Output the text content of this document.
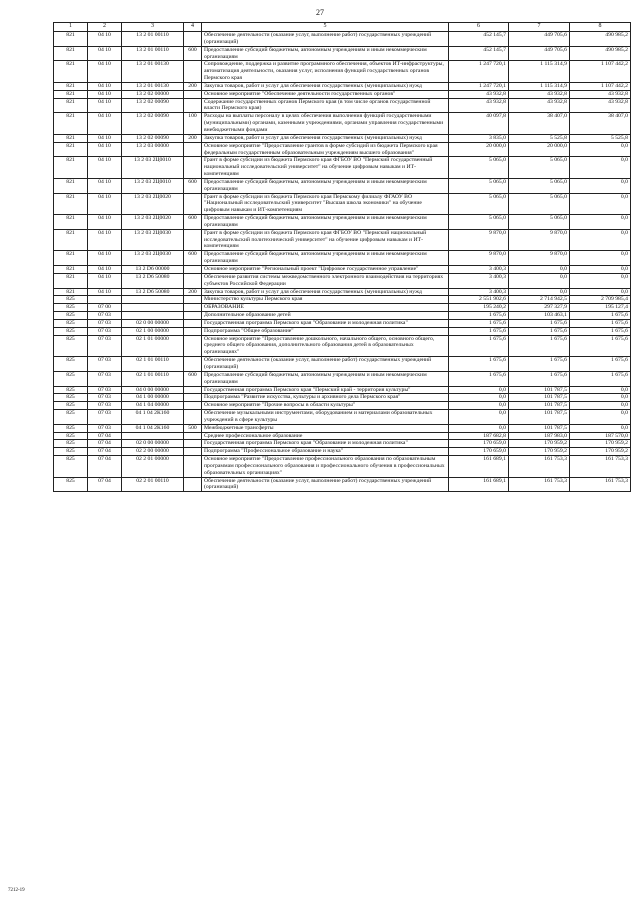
27
1	2	3	4	5	6	7	8
821	04 10	13 2 01 00110		Обеспечение деятельности (оказание услуг, выполнение работ) государственных учреждений (организаций)	452 145,7	449 705,6	490 985,2
821	04 10	13 2 01 00110	600	Предоставление субсидий бюджетным, автономным учреждениям и иным некоммерческим организациям	452 145,7	449 705,6	490 985,2
821	04 10	13 2 01 00130		Сопровождение, поддержка и развитие программного обеспечения, объектов ИТ-инфраструктуры, автоматизация деятельности, оказания услуг, исполнения функций государственных органов Пермского края	1 247 720,1	1 115 314,9	1 107 442,2
821	04 10	13 2 01 00130	200	Закупка товаров, работ и услуг для обеспечения государственных (муниципальных) нужд	1 247 720,1	1 115 314,9	1 107 442,2
821	04 10	13 2 02 00000		Основное мероприятие "Обеспечение деятельности государственных органов"	43 932,8	43 932,8	43 932,8
821	04 10	13 2 02 00090		Содержание государственных органов Пермского края (в том числе органов государственной власти Пермского края)	43 932,8	43 932,8	43 932,8
821	04 10	13 2 02 00090	100	Расходы на выплаты персоналу в целях обеспечения выполнения функций государственными (муниципальными) органами, казенными учреждениями, органами управления государственными внебюджетными фондами	40 097,8	38 407,0	38 407,0
821	04 10	13 2 02 00090	200	Закупка товаров, работ и услуг для обеспечения государственных (муниципальных) нужд	3 835,0	5 525,8	5 525,8
821	04 10	13 2 03 00000		Основное мероприятие "Предоставление грантов в форме субсидий из бюджета Пермского края федеральным государственным образовательным учреждениям высшего образования"	20 000,0	20 000,0	0,0
821	04 10	13 2 03 2Ц0010		Грант в форме субсидии из бюджета Пермского края ФГБОУ ВО "Пермский государственный национальный исследовательский университет" на обучение цифровым навыкам и ИТ-компетенциям	5 065,0	5 065,0	0,0
821	04 10	13 2 03 2Ц0010	600	Предоставление субсидий бюджетным, автономным учреждениям и иным некоммерческим организациям	5 065,0	5 065,0	0,0
821	04 10	13 2 03 2Ц0020		Грант в форме субсидии из бюджета Пермского края Пермскому филиалу ФГАОУ ВО "Национальный исследовательский университет "Высшая школа экономики" на обучение цифровым навыкам и ИТ-компетенциям	5 065,0	5 065,0	0,0
821	04 10	13 2 03 2Ц0020	600	Предоставление субсидий бюджетным, автономным учреждениям и иным некоммерческим организациям	5 065,0	5 065,0	0,0
821	04 10	13 2 03 2Ц0030		Грант в форме субсидии из бюджета Пермского края ФГБОУ ВО "Пермский национальный исследовательский политехнический университет" на обучение цифровым навыкам и ИТ-компетенциям	9 870,0	9 870,0	0,0
821	04 10	13 2 03 2Ц0030	600	Предоставление субсидий бюджетным, автономным учреждениям и иным некоммерческим организациям	9 870,0	9 870,0	0,0
821	04 10	13 2 D6 00000		Основное мероприятие "Региональный проект "Цифровое государственное управление"	3 400,3	0,0	0,0
821	04 10	13 2 D6 50080		Обеспечение развития системы межведомственного электронного взаимодействия на территориях субъектов Российской Федерации	3 400,3	0,0	0,0
821	04 10	13 2 D6 50080	200	Закупка товаров, работ и услуг для обеспечения государственных (муниципальных) нужд	3 400,3	0,0	0,0
825				Министерство культуры Пермского края	2 551 902,6	2 714 942,5	2 709 985,4
825	07 00			ОБРАЗОВАНИЕ	195 240,2	297 327,9	195 127,4
825	07 03			Дополнительное образование детей	1 675,6	103 463,1	1 675,6
825	07 03	02 0 00 00000		Государственная программа Пермского края "Образование и молодежная политика"	1 675,6	1 675,6	1 675,6
825	07 03	02 1 00 00000		Подпрограмма "Общее образование"	1 675,6	1 675,6	1 675,6
825	07 03	02 1 01 00000		Основное мероприятие "Предоставление дошкольного, начального общего, основного общего, среднего общего образования, дополнительного образования детей в образовательных организациях"	1 675,6	1 675,6	1 675,6
825	07 03	02 1 01 00110		Обеспечение деятельности (оказание услуг, выполнение работ) государственных учреждений (организаций)	1 675,6	1 675,6	1 675,6
825	07 03	02 1 01 00110	600	Предоставление субсидий бюджетным, автономным учреждениям и иным некоммерческим организациям	1 675,6	1 675,6	1 675,6
825	07 03	04 0 00 00000		Государственная программа Пермского края "Пермский край - территория культуры"	0,0	101 787,5	0,0
825	07 03	04 1 00 00000		Подпрограмма "Развитие искусства, культуры и архивного дела Пермского края"	0,0	101 787,5	0,0
825	07 03	04 1 04 00000		Основное мероприятие "Прочие вопросы в области культуры"	0,0	101 787,5	0,0
825	07 03	04 1 04 2К160		Обеспечение музыкальными инструментами, оборудованием и материалами образовательных учреждений в сфере культуры	0,0	101 787,5	0,0
825	07 03	04 1 04 2К160	500	Межбюджетные трансферты	0,0	101 787,5	0,0
825	07 04			Среднее профессиональное образование	187 682,8	187 983,0	187 570,0
825	07 04	02 0 00 00000		Государственная программа Пермского края "Образование и молодежная политика"	170 659,0	170 959,2	170 959,2
825	07 04	02 2 00 00000		Подпрограмма "Профессиональное образование и наука"	170 659,0	170 959,2	170 959,2
825	07 04	02 2 01 00000		Основное мероприятие "Предоставление профессионального образования по образовательным программам профессионального образования и профессионального обучения в профессиональных образовательных организациях"	161 689,1	161 753,3	161 753,3
825	07 04	02 2 01 00110		Обеспечение деятельности (оказание услуг, выполнение работ) государственных учреждений (организаций)	161 689,1	161 753,3	161 753,3
7212-19
